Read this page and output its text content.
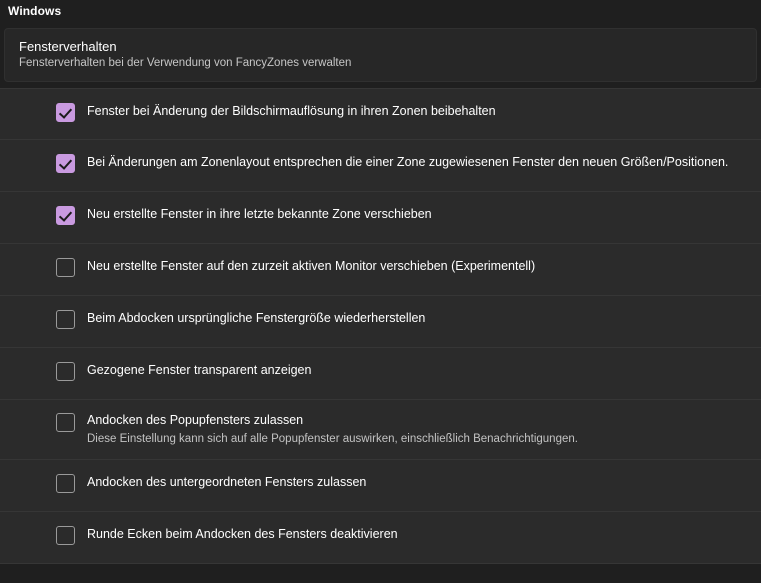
Windows
Fensterverhalten
Fensterverhalten bei der Verwendung von FancyZones verwalten
Fenster bei Änderung der Bildschirmauflösung in ihren Zonen beibehalten
Bei Änderungen am Zonenlayout entsprechen die einer Zone zugewiesenen Fenster den neuen Größen/Positionen.
Neu erstellte Fenster in ihre letzte bekannte Zone verschieben
Neu erstellte Fenster auf den zurzeit aktiven Monitor verschieben (Experimentell)
Beim Abdocken ursprüngliche Fenstergröße wiederherstellen
Gezogene Fenster transparent anzeigen
Andocken des Popupfensters zulassen
Diese Einstellung kann sich auf alle Popupfenster auswirken, einschließlich Benachrichtigungen.
Andocken des untergeordneten Fensters zulassen
Runde Ecken beim Andocken des Fensters deaktivieren
